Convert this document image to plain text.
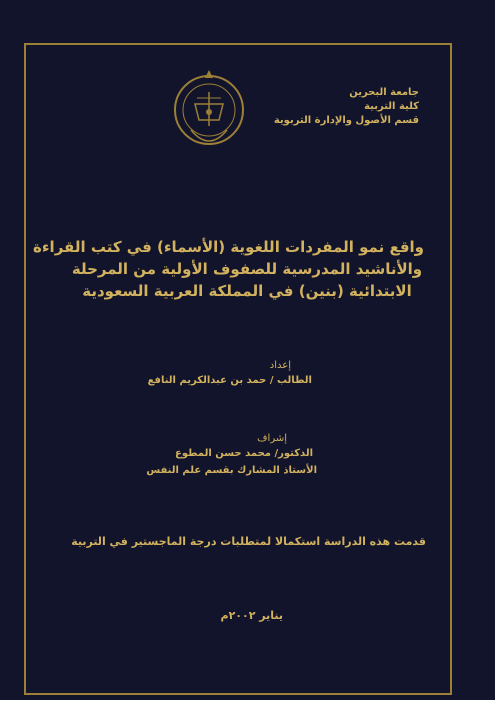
جامعة البحرين
كلية التربية
قسم الأصول والإدارة التربوية
واقع نمو المفردات اللغوية (الأسماء) في كتب القراءة
والأناشيد المدرسية للصفوف الأولية من المرحلة
الابتدائية (بنين) في المملكة العربية السعودية
إعداد
الطالب / حمد بن عبدالكريم النافع
إشراف
الدكتور/ محمد حسن المطوع
الأستاذ المشارك بقسم علم النفس
قدمت هذه الدراسة استكمالا لمتطلبات درجة الماجستير في التربية
يناير ٢٠٠٢م
